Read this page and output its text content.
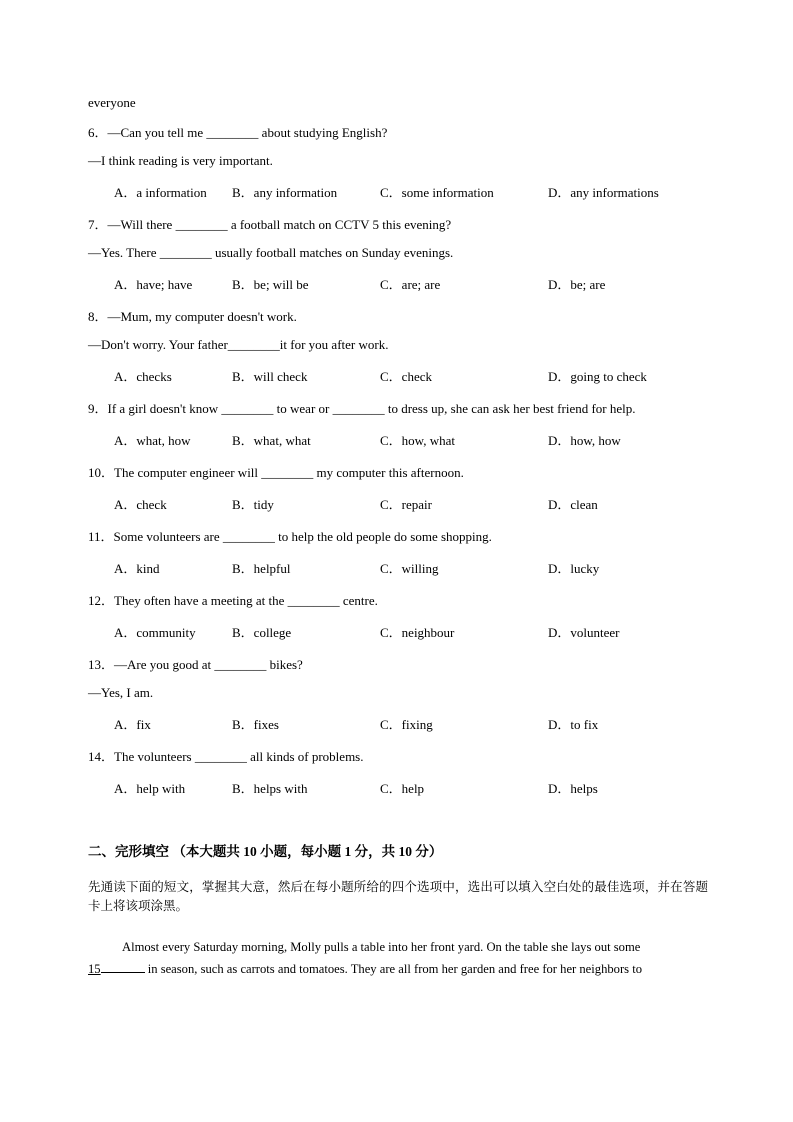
everyone
6．—Can you tell me ________ about studying English?
—I think reading is very important.
A．a information	B．any information	C．some information	D．any informations
7．—Will there ________ a football match on CCTV 5 this evening?
—Yes. There ________ usually football matches on Sunday evenings.
A．have; have	B．be; will be	C．are; are	D．be; are
8．—Mum, my computer doesn't work.
—Don't worry. Your father________it for you after work.
A．checks	B．will check	C．check	D．going to check
9．If a girl doesn't know ________ to wear or ________ to dress up, she can ask her best friend for help.
A．what, how	B．what, what	C．how, what	D．how, how
10．The computer engineer will ________ my computer this afternoon.
A．check	B．tidy	C．repair	D．clean
11．Some volunteers are ________ to help the old people do some shopping.
A．kind	B．helpful	C．willing	D．lucky
12．They often have a meeting at the ________ centre.
A．community	B．college	C．neighbour	D．volunteer
13．—Are you good at ________ bikes?
—Yes, I am.
A．fix	B．fixes	C．fixing	D．to fix
14．The volunteers ________ all kinds of problems.
A．help with	B．helps with	C．help	D．helps
二、完形填空 （本大题共 10 小题，每小题 1 分，共 10 分）
先通读下面的短文，掌握其大意，然后在每小题所给的四个选项中，选出可以填入空白处的最佳选项，并在答题卡上将该项涂黑。
Almost every Saturday morning, Molly pulls a table into her front yard. On the table she lays out some
15	in season, such as carrots and tomatoes. They are all from her garden and free for her neighbors to
